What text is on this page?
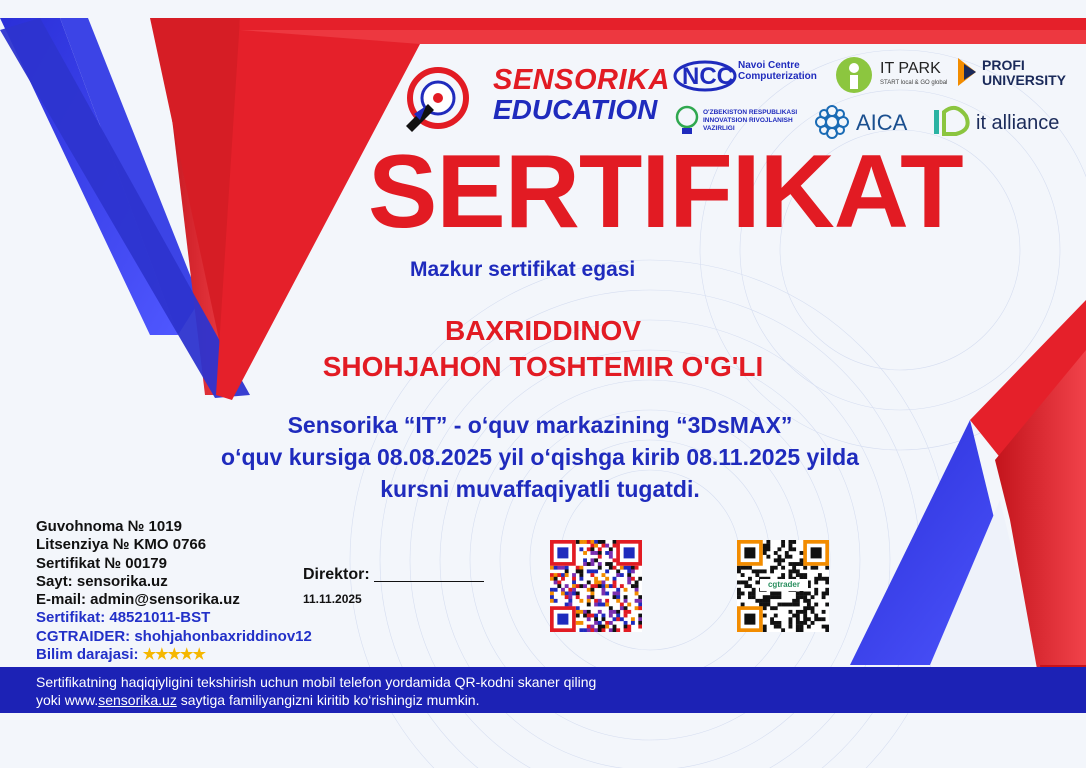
SENSORIKA
EDUCATION
NCC Navoi Centre Computerization	IT PARK
START local & GO global
PROFI UNIVERSITY
O'ZBEKISTON RESPUBLIKASI INNOVATSION RIVOJLANISH VAZIRLIGI	AICA	it alliance
SERTIFIKAT
Mazkur sertifikat egasi
BAXRIDDINOV
SHOHJAHON TOSHTEMIR O'G'LI
Sensorika “IT” - o‘quv markazining “3DsMAX”
o‘quv kursiga 08.08.2025 yil o‘qishga kirib 08.11.2025 yilda
kursni muvaffaqiyatli tugatdi.
Guvohnoma № 1019
Litsenziya № KMO 0766
Sertifikat № 00179
Sayt: sensorika.uz
E-mail: admin@sensorika.uz
Sertifikat: 48521011-BST
CGTRAIDER: shohjahonbaxriddinov12
Bilim darajasi: ★★★★★
Direktor:
11.11.2025
cgtrader
Sertifikatning haqiqiyligini tekshirish uchun mobil telefon yordamida QR-kodni skaner qiling
yoki www.sensorika.uz saytiga familiyangizni kiritib ko‘rishingiz mumkin.
